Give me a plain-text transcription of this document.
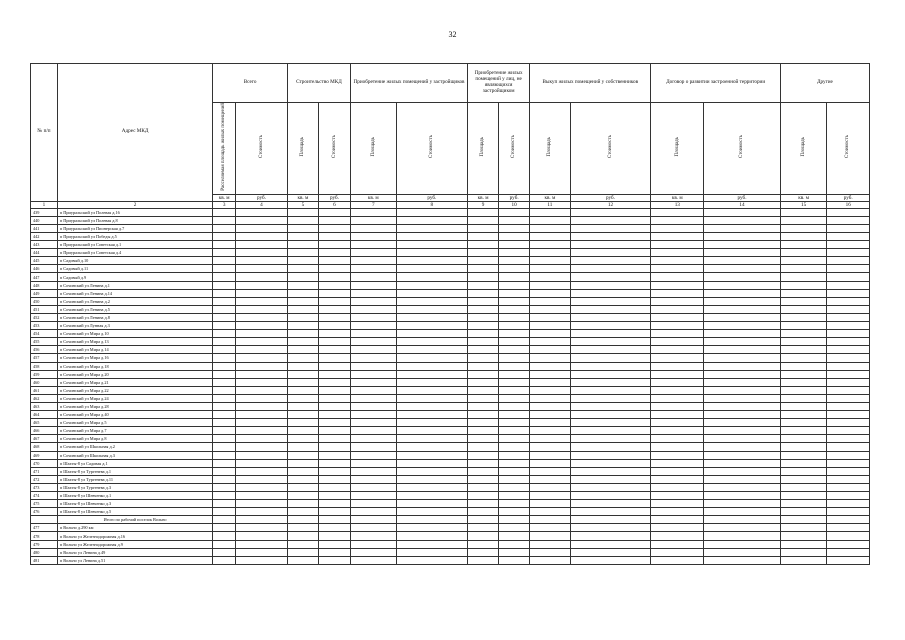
32
№ п/п	Адрес МКД	Всего		Строительство МКД		Приобретение жилых помещений у застройщиков		Приобретение жилых помещений у лиц, не являющихся застройщиком		Выкуп жилых помещений у собственников		Договор о развитии застроенной территории		Другие	
		Расселяемая площадь жилых помещений	Стоимость	Площадь	Стоимость	Площадь	Стоимость	Площадь	Стоимость	Площадь	Стоимость	Площадь	Стоимость	Площадь	Стоимость
		кв. м	руб.	кв. м	руб.	кв. м	руб.	кв. м	руб.	кв. м	руб.	кв. м	руб.	кв. м	руб.
1	2	3	4	5	6	7	8	9	10	11	12	13	14	15	16
439	п Приуральский ул Полевая д.16														
440	п Приуральский ул Полевая д.8														
441	п Приуральский ул Пионерская д.7														
442	п Приуральский ул Победы д.5														
443	п Приуральский ул Советская д.1														
444	п Приуральский ул Советская д.4														
445	п Садовый д.10														
446	п Садовый д.11														
447	п Садовый д.9														
448	п Сочинский ул Ленина д.1														
449	п Сочинский ул Ленина д.14														
450	п Сочинский ул Ленина д.2														
451	п Сочинский ул Ленина д.5														
452	п Сочинский ул Ленина д.8														
453	п Сочинский ул Лунная д.3														
454	п Сочинский ул Мира д.10														
455	п Сочинский ул Мира д.13														
456	п Сочинский ул Мира д.14														
457	п Сочинский ул Мира д.16														
458	п Сочинский ул Мира д.18														
459	п Сочинский ул Мира д.20														
460	п Сочинский ул Мира д.21														
461	п Сочинский ул Мира д.22														
462	п Сочинский ул Мира д.24														
463	п Сочинский ул Мира д.28														
464	п Сочинский ул Мира д.40														
465	п Сочинский ул Мира д.5														
466	п Сочинский ул Мира д.7														
467	п Сочинский ул Мира д.8														
468	п Сочинский ул Школьная д.2														
469	п Сочинский ул Школьная д.3														
470	п Шахты-8 ул Садовая д.1														
471	п Шахты-8 ул Тургенева д.1														
472	п Шахты-8 ул Тургенева д.11														
473	п Шахты-8 ул Тургенева д.3														
474	п Шахты-8 ул Шевченко д.1														
475	п Шахты-8 ул Шевченко д.3														
476	п Шахты-8 ул Шевченко д.5														
	Итого по рабочий поселок Вольно														
477	п Вольно д.290 км														
478	п Вольно ул Железнодорожная д.16														
479	п Вольно ул Железнодорожная д.9														
480	п Вольно ул Ленина д.49														
481	п Вольно ул Ленина д.51														
